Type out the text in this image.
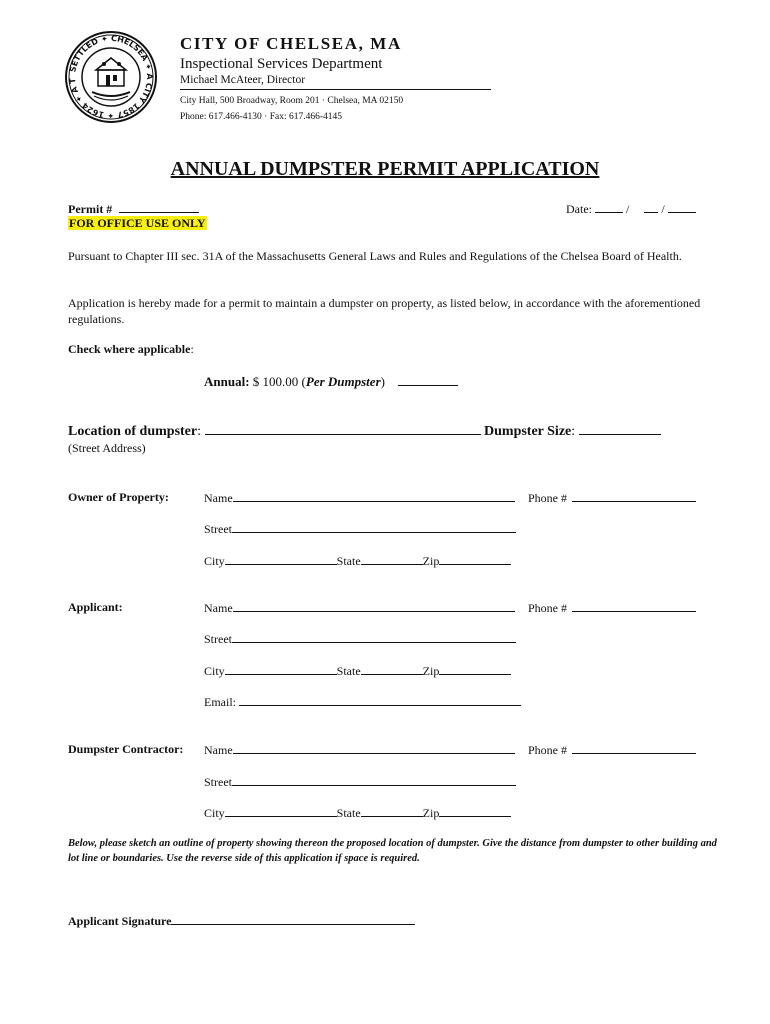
SETTLED ✦ CHELSEA ✦ A CITY 1857 ✦ 1624 ✦ A T
CITY OF CHELSEA, MA
Inspectional Services Department
Michael McAteer, Director
City Hall, 500 Broadway, Room 201 · Chelsea, MA 02150
Phone: 617.466-4130 · Fax: 617.466-4145
ANNUAL DUMPSTER PERMIT APPLICATION
Permit #
FOR OFFICE USE ONLY
Date:	/	/
Pursuant to Chapter III sec. 31A of the Massachusetts General Laws and Rules and Regulations of the Chelsea Board of Health.
Application is hereby made for a permit to maintain a dumpster on property, as listed below, in accordance with the aforementioned regulations.
Check where applicable:
Annual: $ 100.00 (Per Dumpster)
Location of dumpster:	Dumpster Size:
(Street Address)
Owner of Property:	Name	Phone #
Street
City	State	Zip
Applicant:	Name	Phone #
Street
City	State	Zip
Email:
Dumpster Contractor: Name	Phone #
Street
City	State	Zip
Below, please sketch an outline of property showing thereon the proposed location of dumpster. Give the distance from dumpster to other building and lot line or boundaries. Use the reverse side of this application if space is required.
Applicant Signature
